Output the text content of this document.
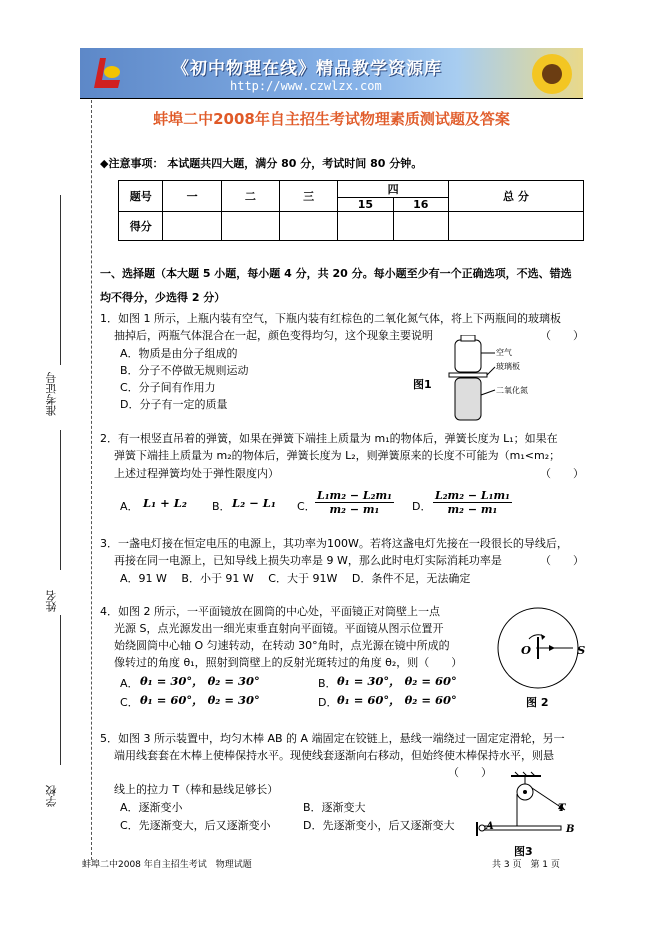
《初中物理在线》精品教学资源库
http://www.czwlzx.com
准考证号
姓名
学校
蚌埠二中2008年自主招生考试物理素质测试题及答案
◆注意事项： 本试题共四大题，满分 80 分，考试时间 80 分钟。
题号	一	二	三	四		总 分
				15	16	
得分						
一、选择题（本大题 5 小题，每小题 4 分，共 20 分。每小题至少有一个正确选项，不选、错选
均不得分，少选得 2 分）
1．如图 1 所示，上瓶内装有空气，下瓶内装有红棕色的二氧化氮气体，将上下两瓶间的玻璃板
抽掉后，两瓶气体混合在一起，颜色变得均匀，这个现象主要说明	（　　）
A．物质是由分子组成的
B．分子不停做无规则运动
C．分子间有作用力
D．分子有一定的质量
图1
空气
玻璃板
二氧化氮
2．有一根竖直吊着的弹簧，如果在弹簧下端挂上质量为 m₁的物体后，弹簧长度为 L₁；如果在
弹簧下端挂上质量为 m₂的物体后，弹簧长度为 L₂，则弹簧原来的长度不可能为（m₁<m₂；
上述过程弹簧均处于弹性限度内）	（　　）
A． L₁ + L₂ B． L₂ − L₁ C． $\frac{\text{L₁m₂ − L₂m₁}}{\text{m₂ − m₁}}$ D． $\frac{\text{L₂m₂ − L₁m₁}}{\text{m₂ − m₁}}$
3．一盏电灯接在恒定电压的电源上，其功率为100W。若将这盏电灯先接在一段很长的导线后，
再接在同一电源上，已知导线上损失功率是 9 W，那么此时电灯实际消耗功率是	（　　）
A．91 W　 B．小于 91 W　 C．大于 91W　 D．条件不足，无法确定
4．如图 2 所示，一平面镜放在圆筒的中心处，平面镜正对筒壁上一点
光源 S，点光源发出一细光束垂直射向平面镜。平面镜从图示位置开
始绕圆筒中心轴 O 匀速转动，在转动 30°角时，点光源在镜中所成的
像转过的角度 θ₁，照射到筒壁上的反射光斑转过的角度 θ₂，则（　　）
A． θ₁ = 30°， θ₂ = 30°	B． θ₁ = 30°， θ₂ = 60°
C． θ₁ = 60°， θ₂ = 30°	D． θ₁ = 60°， θ₂ = 60°
O	S
图 2
5．如图 3 所示装置中，均匀木棒 AB 的 A 端固定在铰链上，悬线一端绕过一固定定滑轮，另一
端用线套套在木棒上使棒保持水平。现使线套逐渐向右移动，但始终使木棒保持水平，则悬
线上的拉力 T（棒和悬线足够长）
（　　）
A．逐渐变小	B．逐渐变大
C．先逐渐变大，后又逐渐变小	D．先逐渐变小，后又逐渐变大	A	B
T
图3
蚌埠二中2008 年自主招生考试　物理试题	共 3 页　第 1 页
